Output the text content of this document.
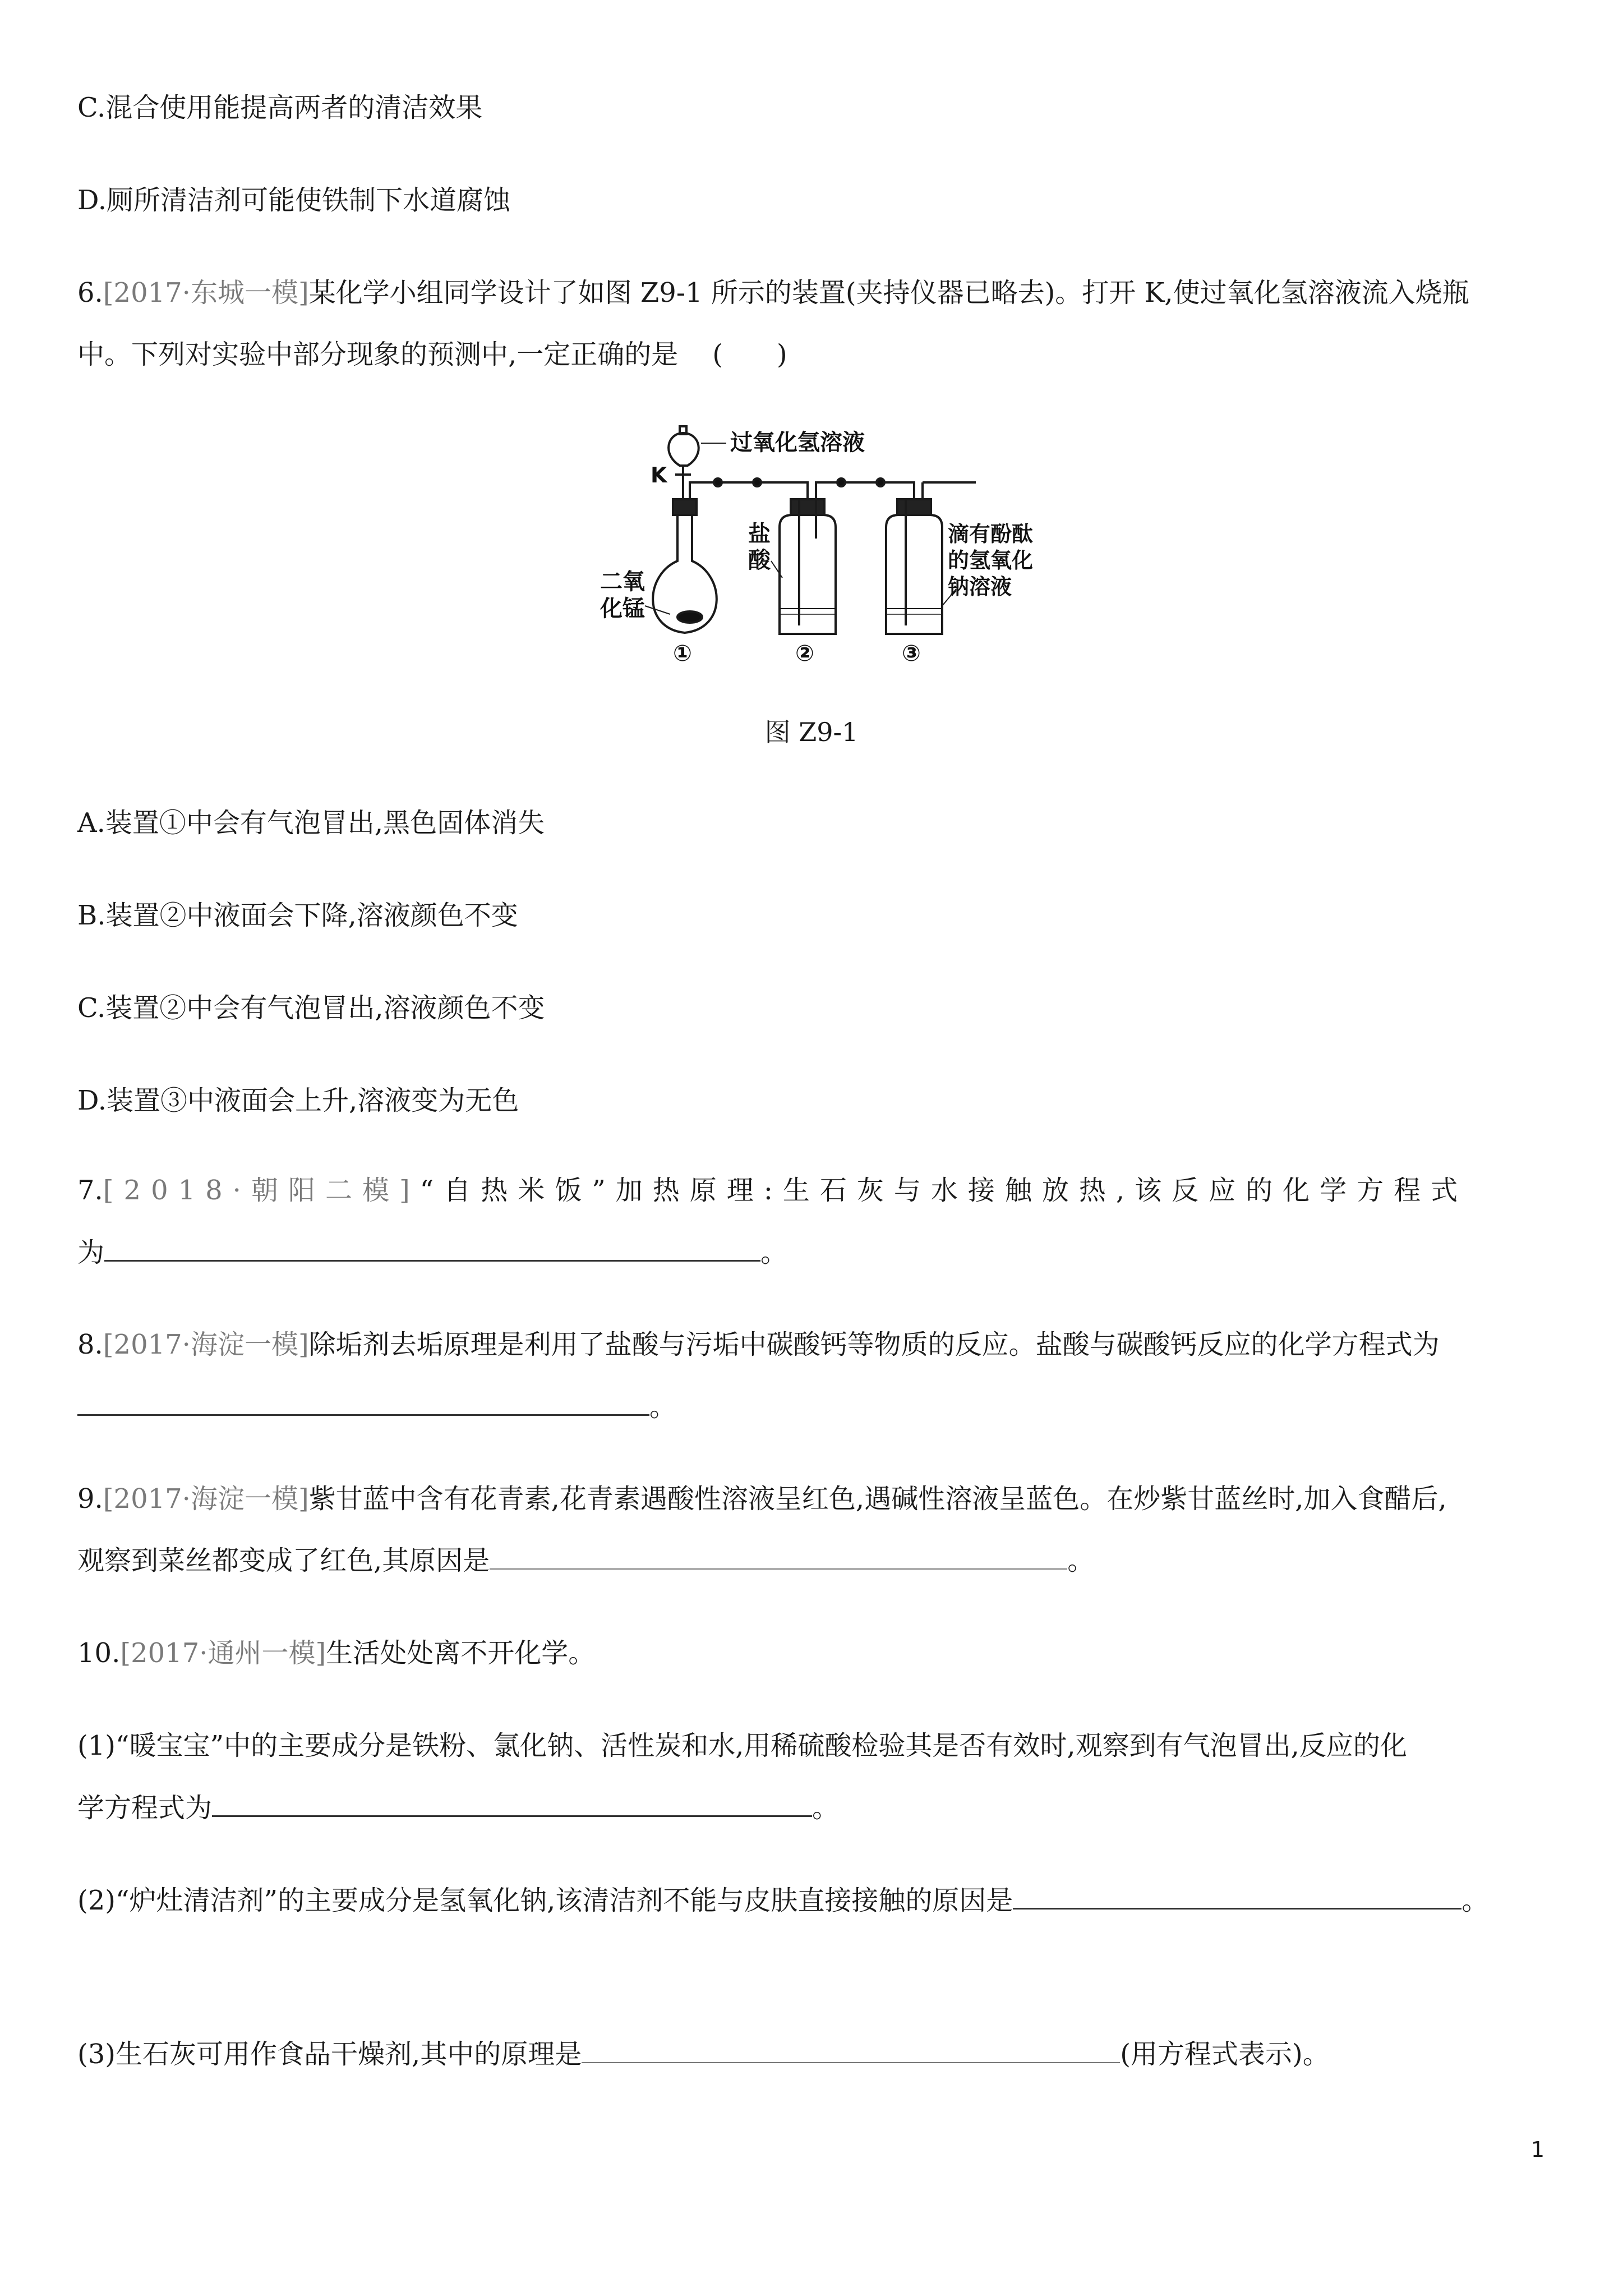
C.混合使用能提高两者的清洁效果
D.厕所清洁剂可能使铁制下水道腐蚀
6.[2017·东城一模]某化学小组同学设计了如图 Z9-1 所示的装置(夹持仪器已略去)。打开 K,使过氧化氢溶液流入烧瓶
中。下列对实验中部分现象的预测中,一定正确的是 (　　)
过氧化氢溶液
K
二氧
化锰
盐
酸
滴有酚酞
的氢氧化
钠溶液
①	②	③
图 Z9-1
A.装置①中会有气泡冒出,黑色固体消失
B.装置②中液面会下降,溶液颜色不变
C.装置②中会有气泡冒出,溶液颜色不变
D.装置③中液面会上升,溶液变为无色
7.[2018·朝阳二模]“自热米饭”加热原理:生石灰与水接触放热,该反应的化学方程式
为	。
8.[2017·海淀一模]除垢剂去垢原理是利用了盐酸与污垢中碳酸钙等物质的反应。盐酸与碳酸钙反应的化学方程式为
。
9.[2017·海淀一模]紫甘蓝中含有花青素,花青素遇酸性溶液呈红色,遇碱性溶液呈蓝色。在炒紫甘蓝丝时,加入食醋后,
观察到菜丝都变成了红色,其原因是	。
10.[2017·通州一模]生活处处离不开化学。
(1)“暖宝宝”中的主要成分是铁粉、氯化钠、活性炭和水,用稀硫酸检验其是否有效时,观察到有气泡冒出,反应的化
学方程式为	。
(2)“炉灶清洁剂”的主要成分是氢氧化钠,该清洁剂不能与皮肤直接接触的原因是	。
(3)生石灰可用作食品干燥剂,其中的原理是	(用方程式表示)。
1
